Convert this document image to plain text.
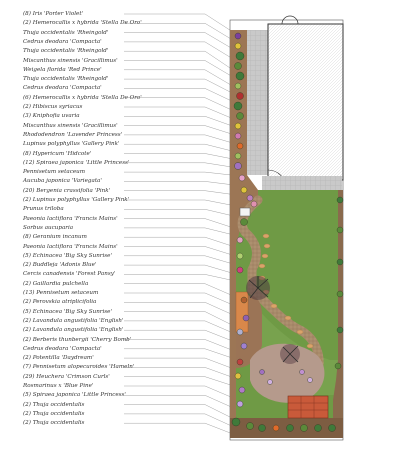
(8) Iris 'Porter Violet'
(2) Hemerocallis x hybrida 'Stella De Oro'
Thuja occidentalis 'Rheingold'
Cedrus deodara 'Compacta'
Thuja occidentalis 'Rheingold'
Miscanthus sinensis 'Gracillimus'
Weigela florida 'Red Prince'
Thuja occidentalis 'Rheingold'
Cedrus deodara 'Compacta'
(6) Hemerocallis x hybrida 'Stella De Oro'
(2) Hibiscus syriacus
(3) Kniphofia uvaria
Miscanthus sinensis 'Gracillimus'
Rhododendron 'Lavender Princess'
Lupinus polyphyllus 'Gallery Pink'
(8) Hypericum 'Hidcote'
(12) Spiraea japonica 'Little Princess'
Pennisetum setaceum
Aucuba japonica 'Variegata'
(20) Bergenia crassifolia 'Pink'
(2) Lupinus polyphyllus 'Gallery Pink'
Prunus triloba
Paeonia lactiflora 'Francis Mains'
Sorbus aucuparia
(8) Geranium incanum
Paeonia lactiflora 'Francis Mains'
(5) Echinacea 'Big Sky Sunrise'
(2) Buddleja 'Adonis Blue'
Cercis canadensis 'Forest Pansy'
(2) Gaillardia pulchella
(13) Pennisetum setaceum
(2) Perovskia atriplicifolia
(5) Echinacea 'Big Sky Sunrise'
(2) Lavandula angustifolia 'English'
(2) Lavandula angustifolia 'English'
(2) Berberis thunbergii 'Cherry Bomb'
Cedrus deodara 'Compacta'
(2) Potentilla 'Daydream'
(7) Pennisetum alopecuroides 'Hameln'
(29) Heuchera 'Crimson Curls'
Rosmarinus x 'Blue Pine'
(5) Spiraea japonica 'Little Princess'
(2) Thuja occidentalis
(2) Thuja occidentalis
(2) Thuja occidentalis
